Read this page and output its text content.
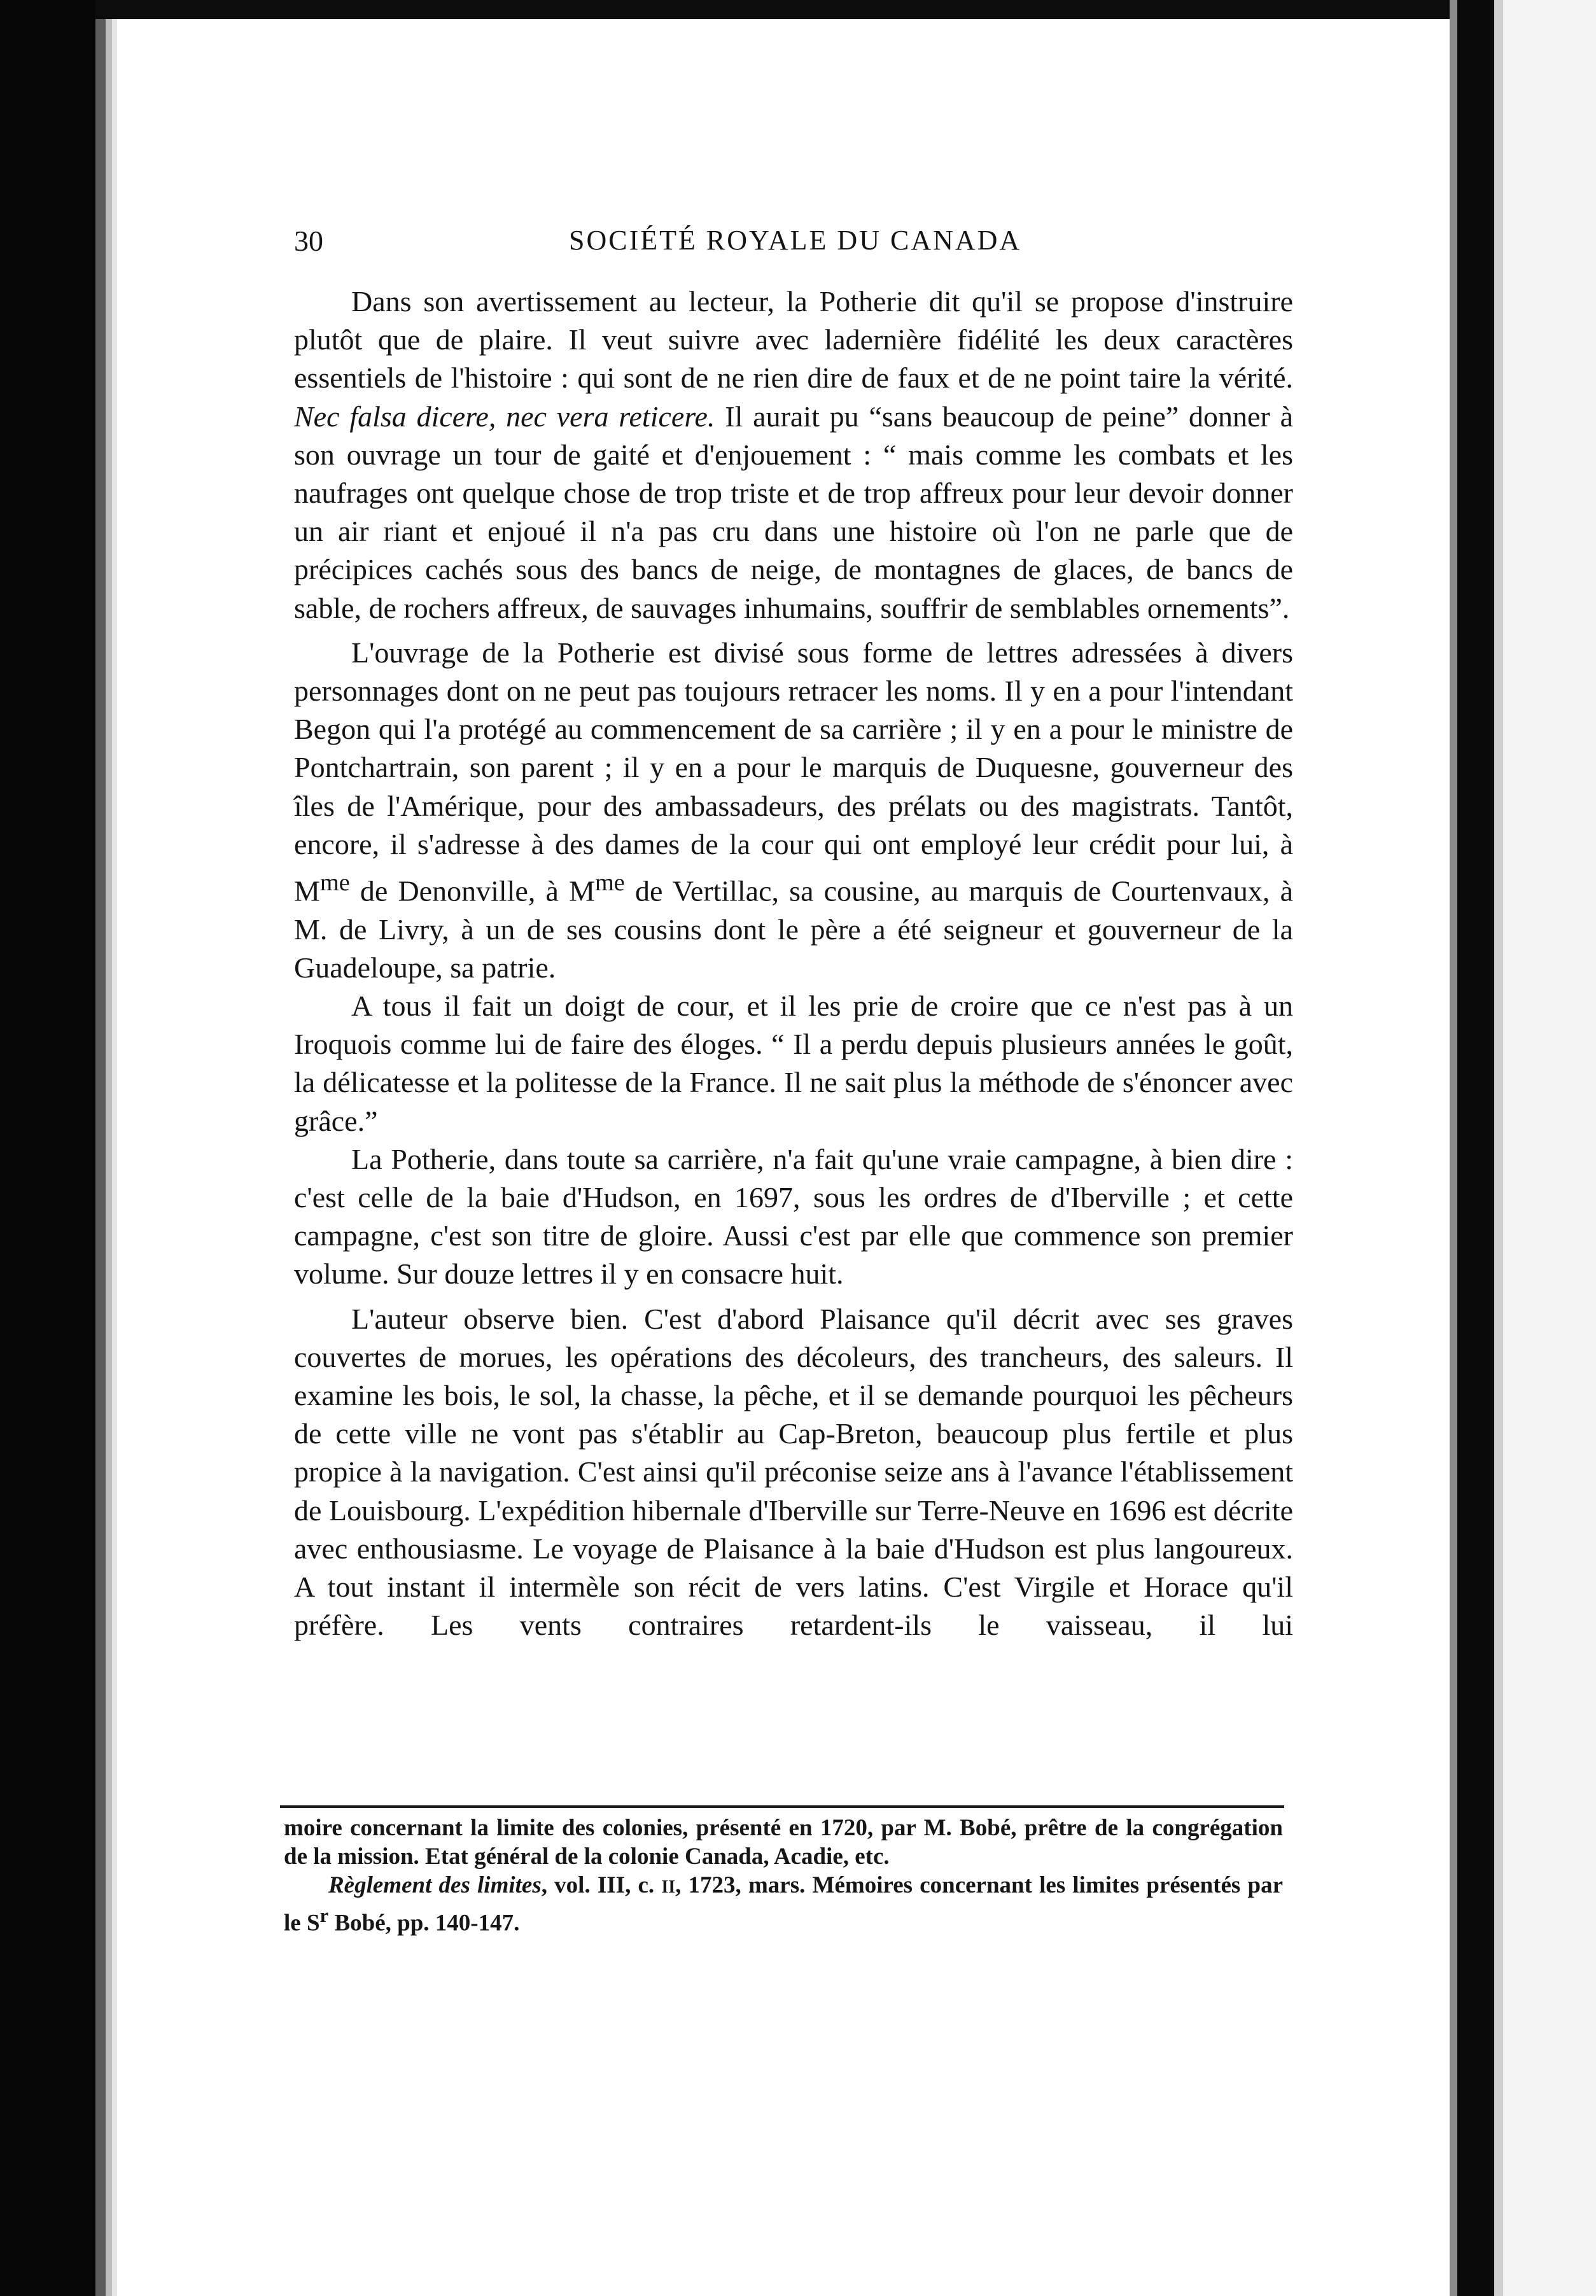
30	SOCIÉTÉ ROYALE DU CANADA

Dans son avertissement au lecteur, la Potherie dit qu'il se propose d'instruire plutôt que de plaire. Il veut suivre avec ladernière fidélité les deux caractères essentiels de l'histoire : qui sont de ne rien dire de faux et de ne point taire la vérité. Nec falsa dicere, nec vera reticere. Il aurait pu “sans beaucoup de peine” donner à son ouvrage un tour de gaité et d'enjouement : “ mais comme les combats et les naufrages ont quelque chose de trop triste et de trop affreux pour leur devoir donner un air riant et enjoué il n'a pas cru dans une histoire où l'on ne parle que de précipices cachés sous des bancs de neige, de montagnes de glaces, de bancs de sable, de rochers affreux, de sauvages inhumains, souffrir de semblables ornements”.

L'ouvrage de la Potherie est divisé sous forme de lettres adressées à divers personnages dont on ne peut pas toujours retracer les noms. Il y en a pour l'intendant Begon qui l'a protégé au commencement de sa carrière ; il y en a pour le ministre de Pontchartrain, son parent ; il y en a pour le marquis de Duquesne, gouverneur des îles de l'Amérique, pour des ambassadeurs, des prélats ou des magistrats. Tantôt, encore, il s'adresse à des dames de la cour qui ont employé leur crédit pour lui, à $M^{me}$ de Denonville, à $M^{me}$ de Vertillac, sa cousine, au marquis de Courtenvaux, à M. de Livry, à un de ses cousins dont le père a été seigneur et gouverneur de la Guadeloupe, sa patrie.

A tous il fait un doigt de cour, et il les prie de croire que ce n'est pas à un Iroquois comme lui de faire des éloges. “ Il a perdu depuis plusieurs années le goût, la délicatesse et la politesse de la France. Il ne sait plus la méthode de s'énoncer avec grâce.”

La Potherie, dans toute sa carrière, n'a fait qu'une vraie campagne, à bien dire : c'est celle de la baie d'Hudson, en 1697, sous les ordres de d'Iberville ; et cette campagne, c'est son titre de gloire. Aussi c'est par elle que commence son premier volume. Sur douze lettres il y en consacre huit.

L'auteur observe bien. C'est d'abord Plaisance qu'il décrit avec ses graves couvertes de morues, les opérations des décoleurs, des trancheurs, des saleurs. Il examine les bois, le sol, la chasse, la pêche, et il se demande pourquoi les pêcheurs de cette ville ne vont pas s'établir au Cap-Breton, beaucoup plus fertile et plus propice à la navigation. C'est ainsi qu'il préconise seize ans à l'avance l'établissement de Louisbourg. L'expédition hibernale d'Iberville sur Terre-Neuve en 1696 est décrite avec enthousiasme. Le voyage de Plaisance à la baie d'Hudson est plus langoureux. A tout instant il intermèle son récit de vers latins. C'est Virgile et Horace qu'il préfère. Les vents contraires retardent-ils le vaisseau, il lui

moire concernant la limite des colonies, présenté en 1720, par M. Bobé, prêtre de la congrégation de la mission. Etat général de la colonie Canada, Acadie, etc.

Règlement des limites, vol. III, c. II, 1723, mars. Mémoires concernant les limites présentés par le $S^r$ Bobé, pp. 140-147.
